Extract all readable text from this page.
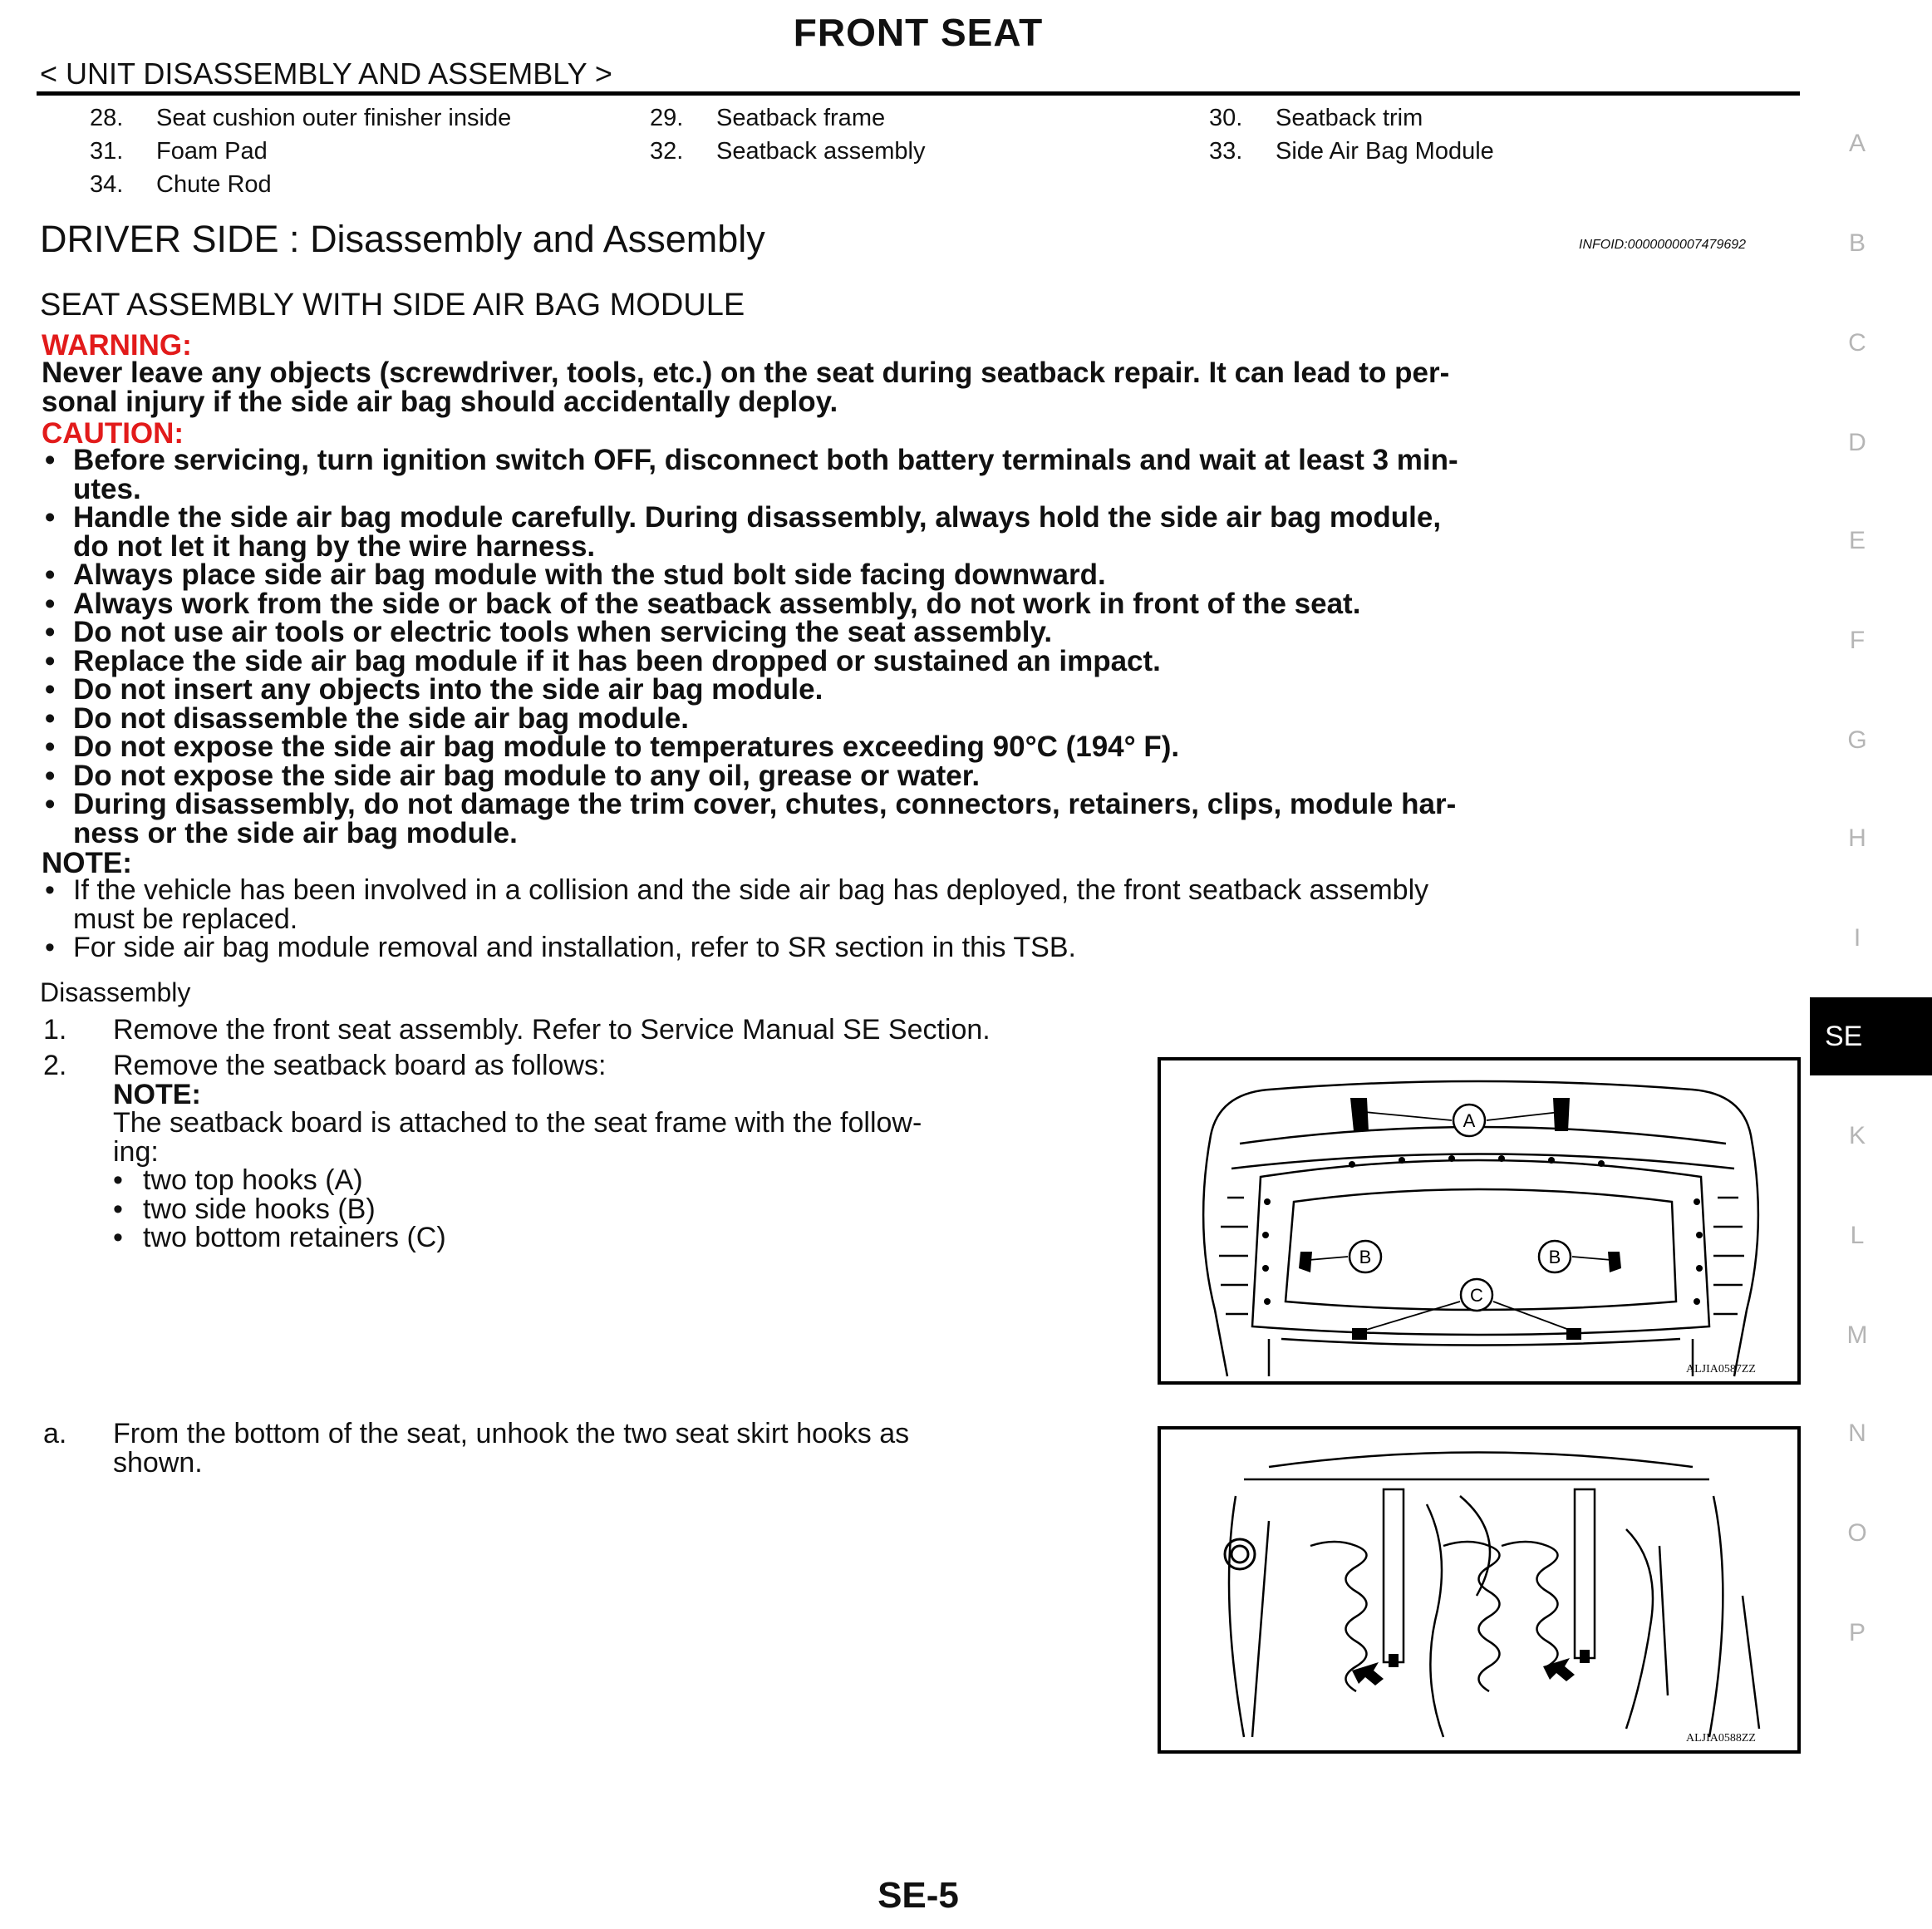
FRONT SEAT
< UNIT DISASSEMBLY AND ASSEMBLY >
28. Seat cushion outer finisher inside	29. Seatback frame	30. Seatback trim
31. Foam Pad	32. Seatback assembly	33. Side Air Bag Module
34. Chute Rod
DRIVER SIDE : Disassembly and Assembly	INFOID:0000000007479692
SEAT ASSEMBLY WITH SIDE AIR BAG MODULE
WARNING:
Never leave any objects (screwdriver, tools, etc.) on the seat during seatback repair. It can lead to per-
sonal injury if the side air bag should accidentally deploy.
CAUTION:
• Before servicing, turn ignition switch OFF, disconnect both battery terminals and wait at least 3 min-
utes.
• Handle the side air bag module carefully. During disassembly, always hold the side air bag module,
do not let it hang by the wire harness.
• Always place side air bag module with the stud bolt side facing downward.
• Always work from the side or back of the seatback assembly, do not work in front of the seat.
• Do not use air tools or electric tools when servicing the seat assembly.
• Replace the side air bag module if it has been dropped or sustained an impact.
• Do not insert any objects into the side air bag module.
• Do not disassemble the side air bag module.
• Do not expose the side air bag module to temperatures exceeding 90°C (194° F).
• Do not expose the side air bag module to any oil, grease or water.
• During disassembly, do not damage the trim cover, chutes, connectors, retainers, clips, module har-
ness or the side air bag module.
NOTE:
• If the vehicle has been involved in a collision and the side air bag has deployed, the front seatback assembly
must be replaced.
• For side air bag module removal and installation, refer to SR section in this TSB.
Disassembly
1. Remove the front seat assembly. Refer to Service Manual SE Section.
2. Remove the seatback board as follows:
NOTE:
The seatback board is attached to the seat frame with the follow-
ing:
• two top hooks (A)
• two side hooks (B)
• two bottom retainers (C)
a. From the bottom of the seat, unhook the two seat skirt hooks as
shown.
A
B	B
C
ALJIA0587ZZ
ALJIA0588ZZ
A
B
C
D
E
F
G
H
I
SE
K
L
M
N
O
P
SE-5
